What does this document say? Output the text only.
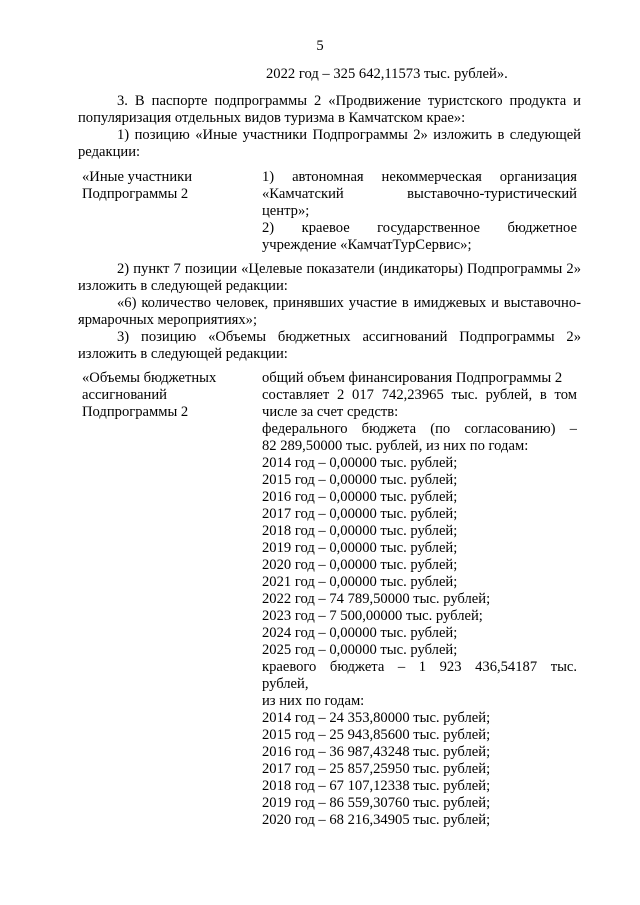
5
2022 год – 325 642,11573 тыс. рублей».
3. В паспорте подпрограммы 2 «Продвижение туристского продукта и
популяризация отдельных видов туризма в Камчатском крае»:
1) позицию «Иные участники Подпрограммы 2» изложить в следующей
редакции:
«Иные участники
Подпрограммы 2
1) автономная некоммерческая организация
«Камчатский выставочно-туристический
центр»;
2) краевое государственное бюджетное
учреждение «КамчатТурСервис»;
2) пункт 7 позиции «Целевые показатели (индикаторы) Подпрограммы 2»
изложить в следующей редакции:
«6) количество человек, принявших участие в имиджевых и выставочно-
ярмарочных мероприятиях»;
3) позицию «Объемы бюджетных ассигнований Подпрограммы 2»
изложить в следующей редакции:
«Объемы бюджетных
ассигнований
Подпрограммы 2
общий объем финансирования Подпрограммы 2
составляет 2 017 742,23965 тыс. рублей, в том
числе за счет средств:
федерального бюджета (по согласованию) –
82 289,50000 тыс. рублей, из них по годам:
2014 год – 0,00000 тыс. рублей;
2015 год – 0,00000 тыс. рублей;
2016 год – 0,00000 тыс. рублей;
2017 год – 0,00000 тыс. рублей;
2018 год – 0,00000 тыс. рублей;
2019 год – 0,00000 тыс. рублей;
2020 год – 0,00000 тыс. рублей;
2021 год – 0,00000 тыс. рублей;
2022 год – 74 789,50000 тыс. рублей;
2023 год – 7 500,00000 тыс. рублей;
2024 год – 0,00000 тыс. рублей;
2025 год – 0,00000 тыс. рублей;
краевого бюджета – 1 923 436,54187 тыс.
рублей,
из них по годам:
2014 год – 24 353,80000 тыс. рублей;
2015 год – 25 943,85600 тыс. рублей;
2016 год – 36 987,43248 тыс. рублей;
2017 год – 25 857,25950 тыс. рублей;
2018 год – 67 107,12338 тыс. рублей;
2019 год – 86 559,30760 тыс. рублей;
2020 год – 68 216,34905 тыс. рублей;
